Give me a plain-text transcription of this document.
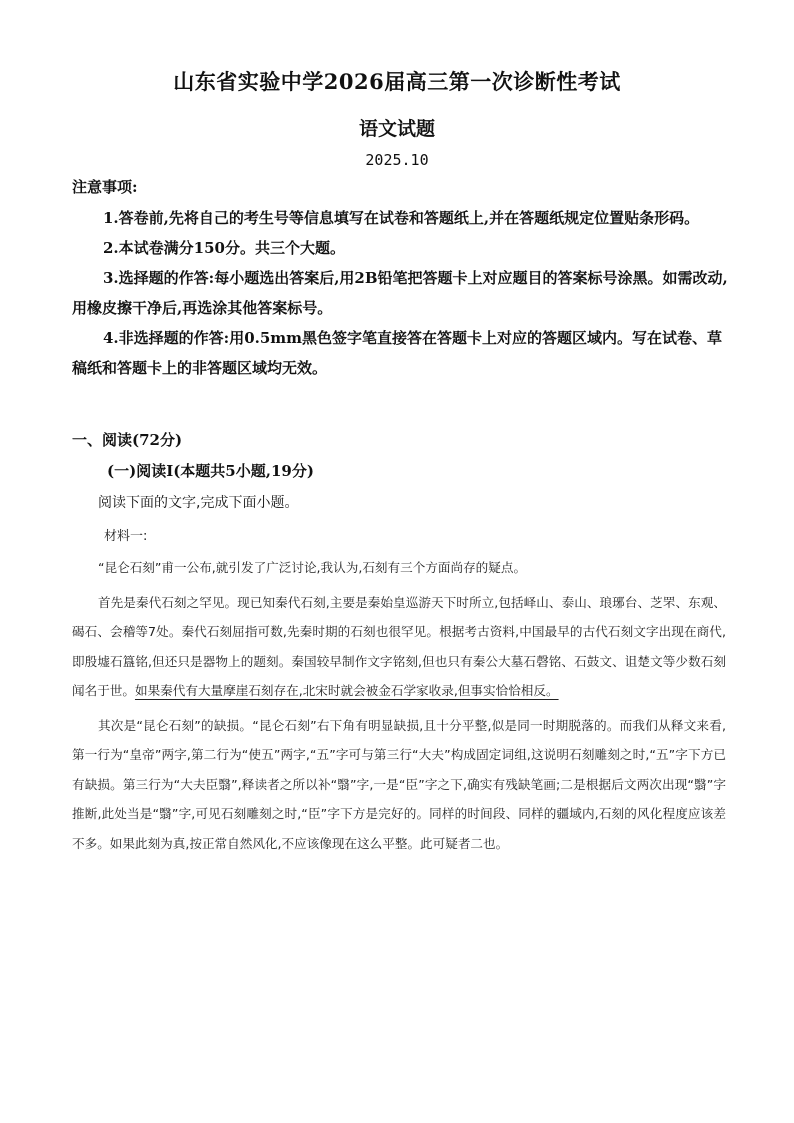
山东省实验中学2026届高三第一次诊断性考试
语文试题
2025.10

注意事项:

1.答卷前,先将自己的考生号等信息填写在试卷和答题纸上,并在答题纸规定位置贴条形码。

2.本试卷满分150分。共三个大题。

3.选择题的作答:每小题选出答案后,用2B铅笔把答题卡上对应题目的答案标号涂黑。如需改动,用橡皮擦干净后,再选涂其他答案标号。

4.非选择题的作答:用0.5mm黑色签字笔直接答在答题卡上对应的答题区域内。写在试卷、草稿纸和答题卡上的非答题区域均无效。

一、阅读(72分)
(一)阅读Ⅰ(本题共5小题,19分)
阅读下面的文字,完成下面小题。
材料一:

“昆仑石刻”甫一公布,就引发了广泛讨论,我认为,石刻有三个方面尚存的疑点。

首先是秦代石刻之罕见。现已知秦代石刻,主要是秦始皇巡游天下时所立,包括峄山、泰山、琅琊台、芝罘、东观、碣石、会稽等7处。秦代石刻屈指可数,先秦时期的石刻也很罕见。根据考古资料,中国最早的古代石刻文字出现在商代,即殷墟石簋铭,但还只是器物上的题刻。秦国较早制作文字铭刻,但也只有秦公大墓石磬铭、石鼓文、诅楚文等少数石刻闻名于世。如果秦代有大量摩崖石刻存在,北宋时就会被金石学家收录,但事实恰恰相反。

其次是“昆仑石刻”的缺损。“昆仑石刻”右下角有明显缺损,且十分平整,似是同一时期脱落的。而我们从释文来看,第一行为“皇帝”两字,第二行为“使五”两字,“五”字可与第三行“大夫”构成固定词组,这说明石刻雕刻之时,“五”字下方已有缺损。第三行为“大夫臣翳”,释读者之所以补“翳”字,一是“臣”字之下,确实有残缺笔画;二是根据后文两次出现“翳”字推断,此处当是“翳”字,可见石刻雕刻之时,“臣”字下方是完好的。同样的时间段、同样的疆域内,石刻的风化程度应该差不多。如果此刻为真,按正常自然风化,不应该像现在这么平整。此可疑者二也。
